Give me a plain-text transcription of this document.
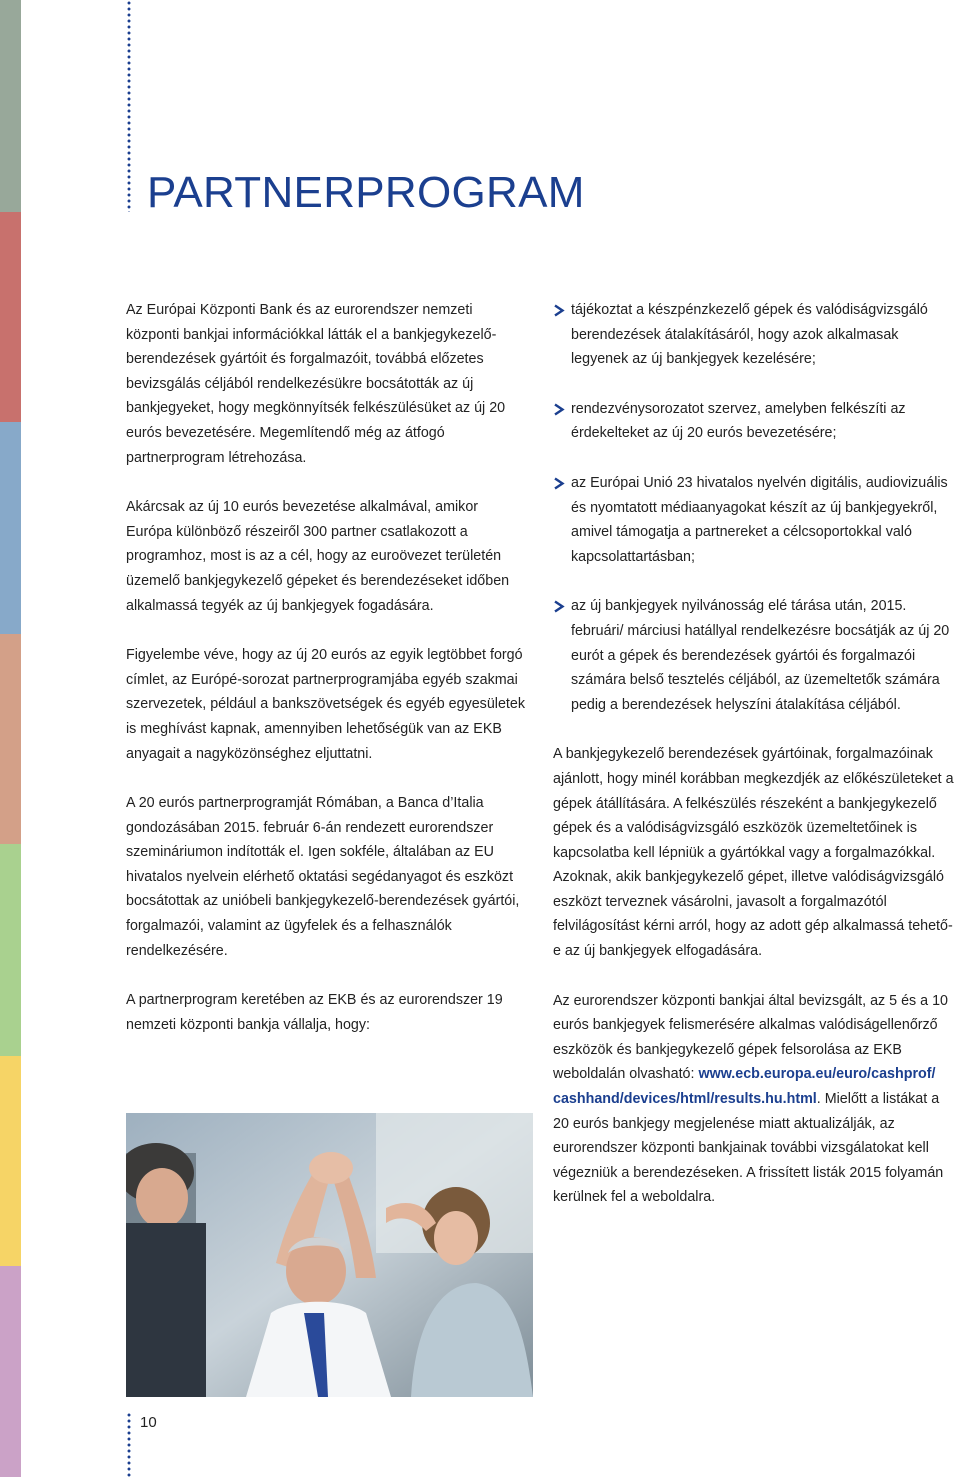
PARTNERPROGRAM

Az Európai Központi Bank és az eurorendszer nemzeti központi bankjai információkkal látták el a bankjegykezelő-berendezések gyártóit és forgalmazóit, továbbá előzetes bevizsgálás céljából rendelkezésükre bocsátották az új bankjegyeket, hogy megkönnyítsék felkészülésüket az új 20 eurós bevezetésére. Megemlítendő még az átfogó partnerprogram létrehozása.

Akárcsak az új 10 eurós bevezetése alkalmával, amikor Európa különböző részeiről 300 partner csatlakozott a programhoz, most is az a cél, hogy az euroövezet területén üzemelő bankjegykezelő gépeket és berendezéseket időben alkalmassá tegyék az új bankjegyek fogadására.

Figyelembe véve, hogy az új 20 eurós az egyik legtöbbet forgó címlet, az Európé-sorozat partnerprogramjába egyéb szakmai szervezetek, például a bankszövetségek és egyéb egyesületek is meghívást kapnak, amennyiben lehetőségük van az EKB anyagait a nagyközönséghez eljuttatni.

A 20 eurós partnerprogramját Rómában, a Banca d’Italia gondozásában 2015. február 6-án rendezett eurorendszer szemináriumon indították el. Igen sokféle, általában az EU hivatalos nyelvein elérhető oktatási segédanyagot és eszközt bocsátottak az unióbeli bankjegykezelő-berendezések gyártói, forgalmazói, valamint az ügyfelek és a felhasználók rendelkezésére.

A partnerprogram keretében az EKB és az eurorendszer 19 nemzeti központi bankja vállalja, hogy:

tájékoztat a készpénzkezelő gépek és valódiságvizsgáló berendezések átalakításáról, hogy azok alkalmasak legyenek az új bankjegyek kezelésére;
rendezvénysorozatot szervez, amelyben felkészíti az érdekelteket az új 20 eurós bevezetésére;
az Európai Unió 23 hivatalos nyelvén digitális, audiovizuális és nyomtatott médiaanyagokat készít az új bankjegyekről, amivel támogatja a partnereket a célcsoportokkal való kapcsolattartásban;
az új bankjegyek nyilvánosság elé tárása után, 2015. februári/ márciusi hatállyal rendelkezésre bocsátják az új 20 eurót a gépek és berendezések gyártói és forgalmazói számára belső tesztelés céljából, az üzemeltetők számára pedig a berendezések helyszíni átalakítása céljából.

A bankjegykezelő berendezések gyártóinak, forgalmazóinak ajánlott, hogy minél korábban megkezdjék az előkészületeket a gépek átállítására. A felkészülés részeként a bankjegykezelő gépek és a valódiságvizsgáló eszközök üzemeltetőinek is kapcsolatba kell lépniük a gyártókkal vagy a forgalmazókkal. Azoknak, akik bankjegykezelő gépet, illetve valódiságvizsgáló eszközt terveznek vásárolni, javasolt a forgalmazótól felvilágosítást kérni arról, hogy az adott gép alkalmassá tehető-e az új bankjegyek elfogadására.

Az eurorendszer központi bankjai által bevizsgált, az 5 és a 10 eurós bankjegyek felismerésére alkalmas valódiságellenőrző eszközök és bankjegykezelő gépek felsorolása az EKB weboldalán olvasható: www.ecb.europa.eu/euro/cashprof/ cashhand/devices/html/results.hu.html. Mielőtt a listákat a 20 eurós bankjegy megjelenése miatt aktualizálják, az eurorendszer központi bankjainak további vizsgálatokat kell végezniük a berendezéseken. A frissített listák 2015 folyamán kerülnek fel a weboldalra.

10
